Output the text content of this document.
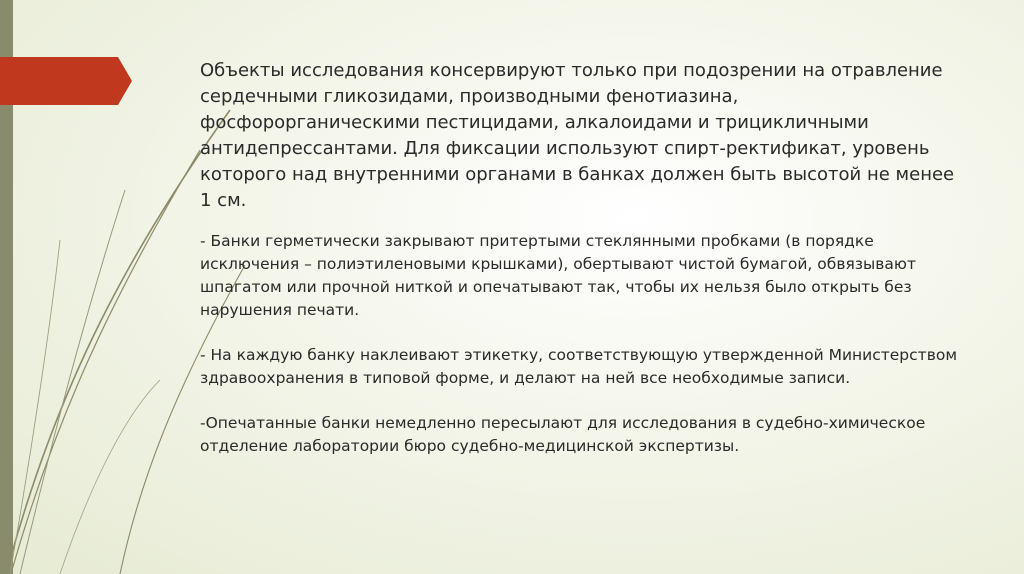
Объекты исследования консервируют только при подозрении на отравление сердечными гликозидами, производными фенотиазина, фосфорорганическими пестицидами, алкалоидами и трицикличными антидепрессантами. Для фиксации используют спирт-ректификат, уровень которого над внутренними органами в банках должен быть высотой не менее 1 см.

- Банки герметически закрывают притертыми стеклянными пробками (в порядке исключения – полиэтиленовыми крышками), обертывают чистой бумагой, обвязывают шпагатом или прочной ниткой и опечатывают так, чтобы их нельзя было открыть без нарушения печати.

- На каждую банку наклеивают этикетку, соответствующую утвержденной Министерством здравоохранения в типовой форме, и делают на ней все необходимые записи.

-Опечатанные банки немедленно пересылают для исследования в судебно-химическое отделение лаборатории бюро судебно-медицинской экспертизы.
